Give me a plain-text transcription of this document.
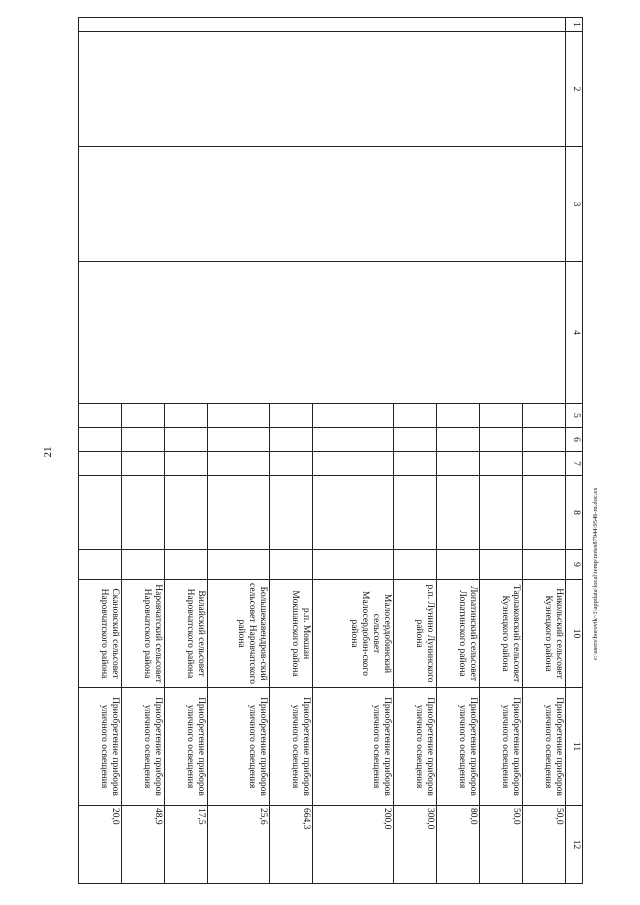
21
c:\users\borovik~1\appdata\local\temp\notes87944\9546-m.doc.ex
1	2	3	4	5	6	7	8	9	10	11	12
									Никольский сельсовет Кузнецкого района	Приобретение приборов уличного освещения	50,0
									Тарлаковский сельсовет Кузнецкого района	Приобретение приборов уличного освещения	50,0
									Лопатинский сельсовет Лопатинского района	Приобретение приборов уличного освещения	80,0
									р.п. Лунино Лунинского района	Приобретение приборов уличного освещения	300,0
									Малосердобинский сельсовет Малосердобин-ского района	Приобретение приборов уличного освещения	200,0
									р.п. Мокшан Мокшанского района	Приобретение приборов уличного освещения	664,3
									Большекавендров-ский сельсовет Наровчатского района	Приобретение приборов уличного освещения	25,6
									Вилайский сельсовет Наровчатского района	Приобретение приборов уличного освещения	17,5
									Наровчатский сельсовет Наровчатского района	Приобретение приборов уличного освещения	48,9
									Скановский сельсовет Наровчатского района	Приобретение приборов уличного освещения	20,0
